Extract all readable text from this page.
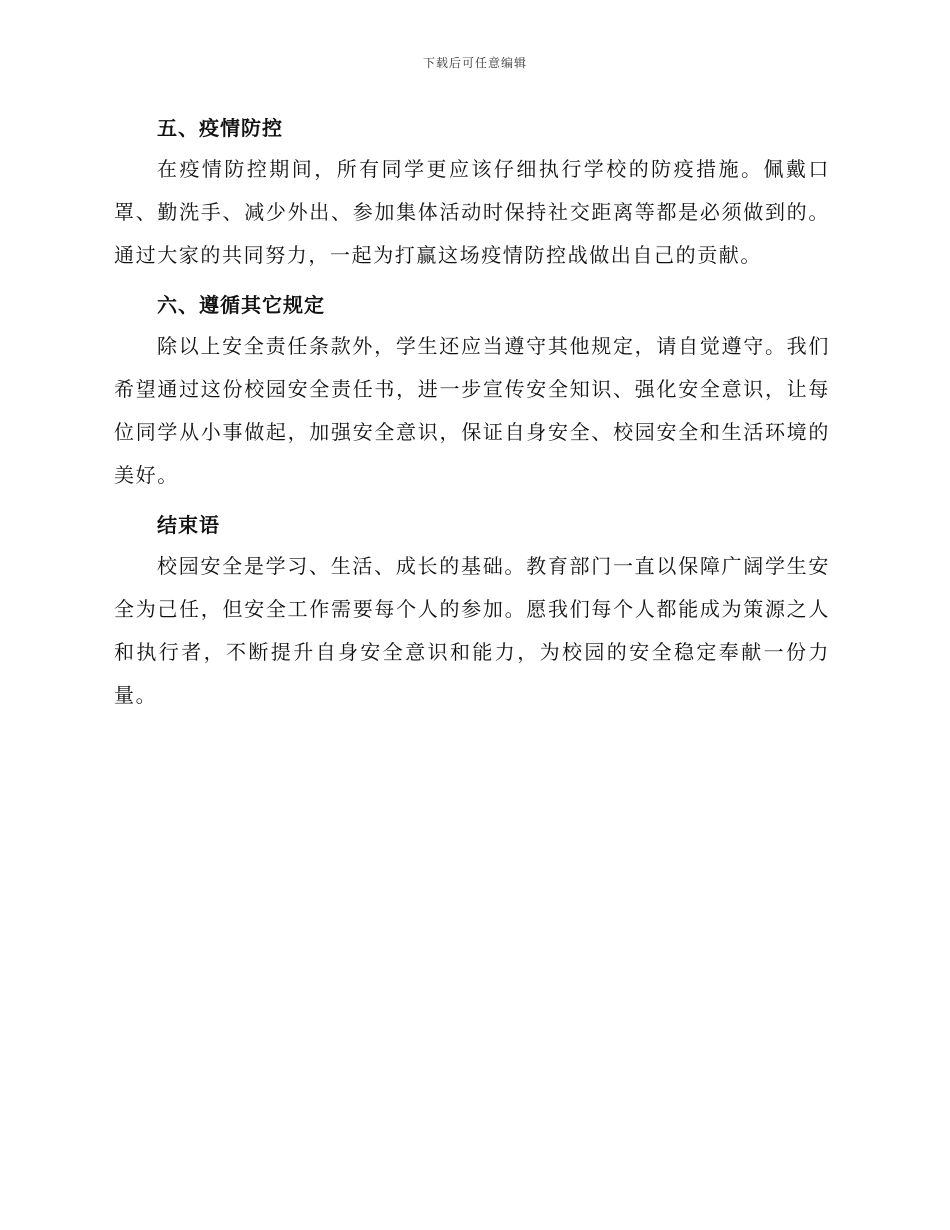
下载后可任意编辑
五、疫情防控

在疫情防控期间，所有同学更应该仔细执行学校的防疫措施。佩戴口罩、勤洗手、减少外出、参加集体活动时保持社交距离等都是必须做到的。通过大家的共同努力，一起为打赢这场疫情防控战做出自己的贡献。

六、遵循其它规定

除以上安全责任条款外，学生还应当遵守其他规定，请自觉遵守。我们希望通过这份校园安全责任书，进一步宣传安全知识、强化安全意识，让每位同学从小事做起，加强安全意识，保证自身安全、校园安全和生活环境的美好。

结束语

校园安全是学习、生活、成长的基础。教育部门一直以保障广阔学生安全为己任，但安全工作需要每个人的参加。愿我们每个人都能成为策源之人和执行者，不断提升自身安全意识和能力，为校园的安全稳定奉献一份力量。
